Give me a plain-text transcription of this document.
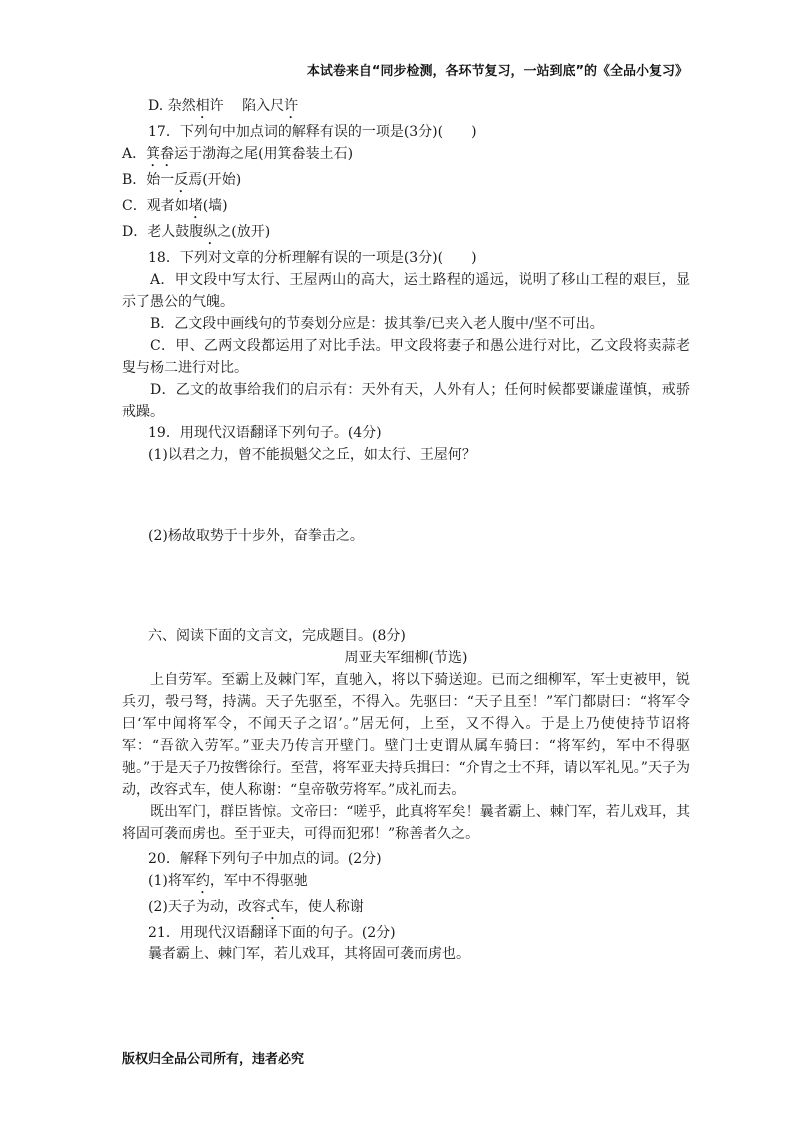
本试卷来自“同步检测，各环节复习，一站到底”的《全品小复习》
D. 杂然相许　 陷入尺许
17．下列句中加点词的解释有误的一项是(3分)(　　)
A．箕畚运于渤海之尾(用箕畚装土石)
B．始一反焉(开始)
C．观者如堵(墙)
D．老人鼓腹纵之(放开)
18．下列对文章的分析理解有误的一项是(3分)(　　)
A．甲文段中写太行、王屋两山的高大，运土路程的遥远，说明了移山工程的艰巨，显示了愚公的气魄。
B．乙文段中画线句的节奏划分应是：拔其拳/已夹入老人腹中/坚不可出。
C．甲、乙两文段都运用了对比手法。甲文段将妻子和愚公进行对比，乙文段将卖蒜老叟与杨二进行对比。
D．乙文的故事给我们的启示有：天外有天，人外有人；任何时候都要谦虚谨慎，戒骄戒躁。
19．用现代汉语翻译下列句子。(4分)
(1)以君之力，曾不能损魁父之丘，如太行、王屋何？
(2)杨故取势于十步外，奋拳击之。
六、阅读下面的文言文，完成题目。(8分)
周亚夫军细柳(节选)
上自劳军。至霸上及棘门军，直驰入，将以下骑送迎。已而之细柳军，军士吏被甲，锐兵刃，彀弓弩，持满。天子先驱至，不得入。先驱曰：“天子且至！”军门都尉曰：“将军令曰‘军中闻将军令，不闻天子之诏’。”居无何，上至，又不得入。于是上乃使使持节诏将军：“吾欲入劳军。”亚夫乃传言开壁门。壁门士吏谓从属车骑曰：“将军约，军中不得驱驰。”于是天子乃按辔徐行。至营，将军亚夫持兵揖曰：“介胄之士不拜，请以军礼见。”天子为动，改容式车，使人称谢：“皇帝敬劳将军。”成礼而去。
既出军门，群臣皆惊。文帝曰：“嗟乎，此真将军矣！曩者霸上、棘门军，若儿戏耳，其将固可袭而虏也。至于亚夫，可得而犯邪！”称善者久之。
20．解释下列句子中加点的词。(2分)
(1)将军约，军中不得驱驰
(2)天子为动，改容式车，使人称谢
21．用现代汉语翻译下面的句子。(2分)
曩者霸上、棘门军，若儿戏耳，其将固可袭而虏也。
版权归全品公司所有，违者必究
